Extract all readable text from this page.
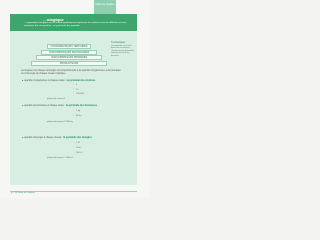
Notes de chapitre
…ologique
…a pyramide écologique est un modèle graphique qui représente les relations entre les différents niveaux trophiques d'un écosystème ; on y présente des quantités.
À remarquer
La pyramide se lit de la base vers le sommet ; chaque niveau dépend de celui qui est situé en dessous.
CONSOMMATEURS TERTIAIRES
CONSOMMATEURS SECONDAIRES
CONSOMMATEURS PRIMAIRES
PRODUCTEURS
La longueur de chaque rectangle est proportionnelle à la quantité d'organismes, à la biomasse ou à l'énergie de chaque niveau trophique.
● quantité d'organismes à chaque étape : la pyramide des nombres
1
↑
10
↑
100 000
↑
plante de cerisier 1
● quantité de biomasse à chaque étape : la pyramide des biomasses
1 kg
↑
80 kg
↑
plante de luzerne 9 000 kg
● quantité d'énergie à chaque niveau : la pyramide des énergies
1 kJ
↑
10 kJ
↑
100 kJ
↑
plante de luzerne 1 000 kJ
p. 174 Notes de chapitre
